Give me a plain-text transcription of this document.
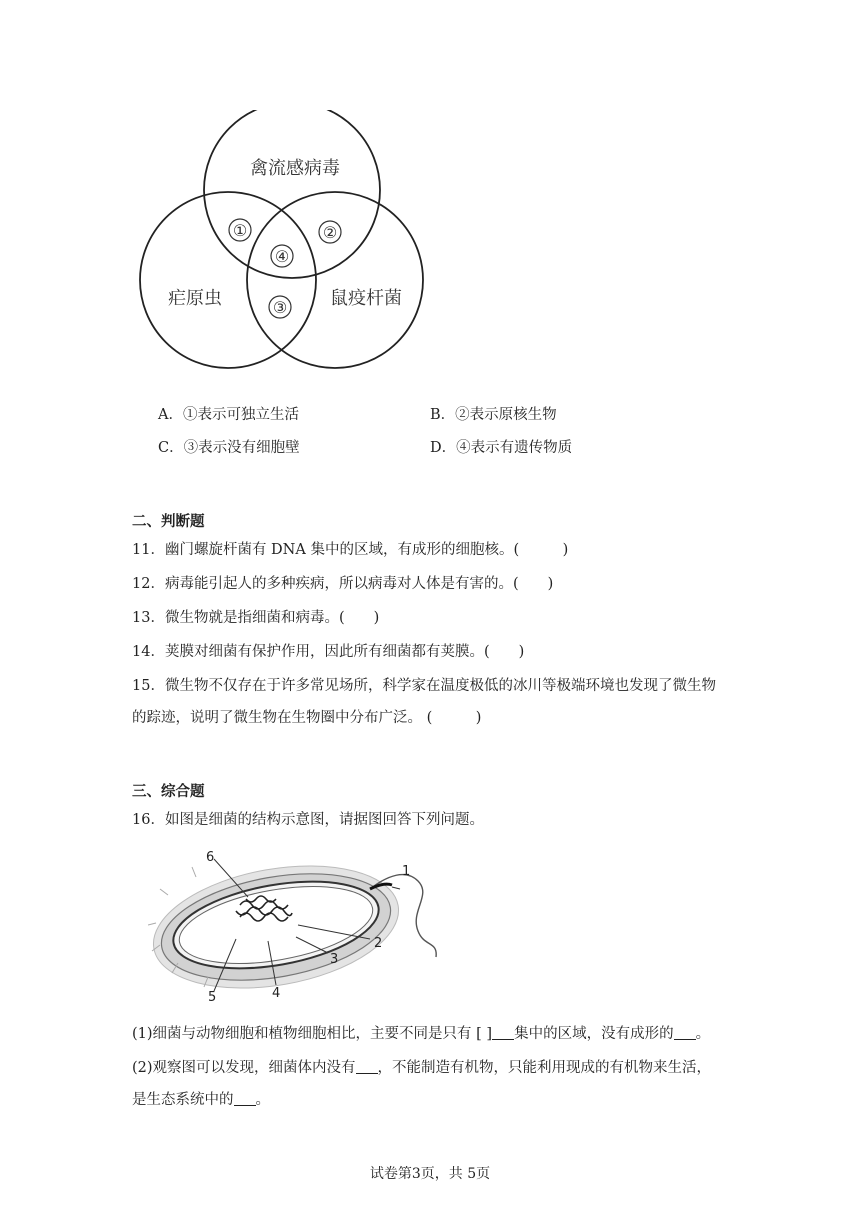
禽流感病毒
疟原虫	鼠疫杆菌
①	②
③
④
A．①表示可独立生活	B．②表示原核生物
C．③表示没有细胞壁	D．④表示有遗传物质
二、判断题
11．幽门螺旋杆菌有 DNA 集中的区域，有成形的细胞核。(　　　)
12．病毒能引起人的多种疾病，所以病毒对人体是有害的。(　　)
13．微生物就是指细菌和病毒。(　　)
14．荚膜对细菌有保护作用，因此所有细菌都有荚膜。(　　)
15．微生物不仅存在于许多常见场所，科学家在温度极低的冰川等极端环境也发现了微生物
的踪迹，说明了微生物在生物圈中分布广泛。 (　　　)
三、综合题
16．如图是细菌的结构示意图，请据图回答下列问题。
6
1
2
3
4
5
(1)细菌与动物细胞和植物细胞相比，主要不同是只有 [ ] 集中的区域，没有成形的 。
(2)观察图可以发现，细菌体内没有 ，不能制造有机物，只能利用现成的有机物来生活，
是生态系统中的 。
试卷第3页，共 5页
